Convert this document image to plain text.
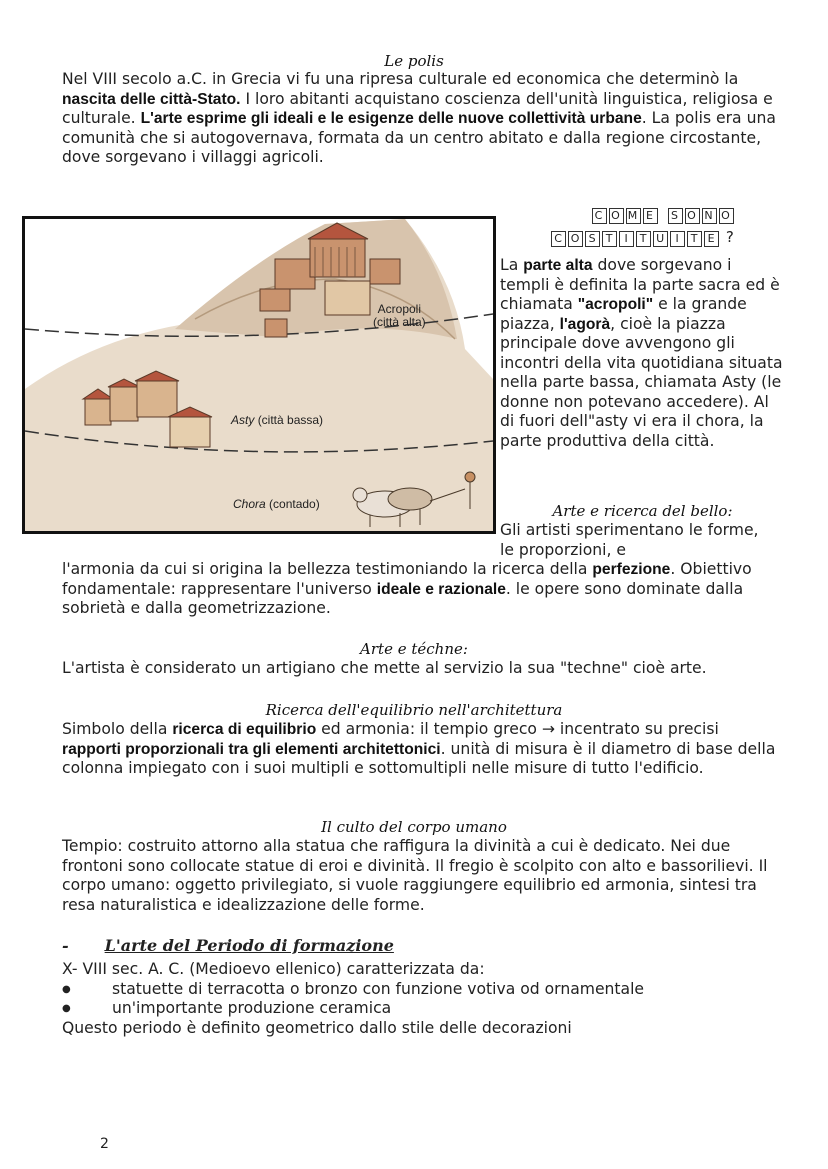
Le polis
Nel VIII secolo a.C. in Grecia vi fu una ripresa culturale ed economica che determinò la nascita delle città-Stato. I loro abitanti acquistano coscienza dell'unità linguistica, religiosa e culturale. L'arte esprime gli ideali e le esigenze delle nuove collettività urbane. La polis era una comunità che si autogovernava, formata da un centro abitato e dalla regione circostante, dove sorgevano i villaggi agricoli.
Acropoli
(città alta)
Asty (città bassa)
Chora (contado)
C O M E S O N O
C O S T I T U I T E ?
La parte alta dove sorgevano i templi è definita la parte sacra ed è chiamata "acropoli" e la grande piazza, l'agorà, cioè la piazza principale dove avvengono gli incontri della vita quotidiana situata nella parte bassa, chiamata Asty (le donne non potevano accedere). Al di fuori dell"asty vi era il chora, la parte produttiva della città.
Arte e ricerca del bello:
Gli artisti sperimentano le forme, le proporzioni, e
l'armonia da cui si origina la bellezza testimoniando la ricerca della perfezione. Obiettivo fondamentale: rappresentare l'universo ideale e razionale. le opere sono dominate dalla sobrietà e dalla geometrizzazione.
Arte e téchne:
L'artista è considerato un artigiano che mette al servizio la sua "techne" cioè arte.
Ricerca dell'equilibrio nell'architettura
Simbolo della ricerca di equilibrio ed armonia: il tempio greco → incentrato su precisi rapporti proporzionali tra gli elementi architettonici. unità di misura è il diametro di base della colonna impiegato con i suoi multipli e sottomultipli nelle misure di tutto l'edificio.
Il culto del corpo umano
Tempio: costruito attorno alla statua che raffigura la divinità a cui è dedicato. Nei due frontoni sono collocate statue di eroi e divinità. Il fregio è scolpito con alto e bassorilievi. Il corpo umano: oggetto privilegiato, si vuole raggiungere equilibrio ed armonia, sintesi tra resa naturalistica e idealizzazione delle forme.
- L'arte del Periodo di formazione
X- VIII sec. A. C. (Medioevo ellenico) caratterizzata da:
● statuette di terracotta o bronzo con funzione votiva od ornamentale
● un'importante produzione ceramica
Questo periodo è definito geometrico dallo stile delle decorazioni
2
